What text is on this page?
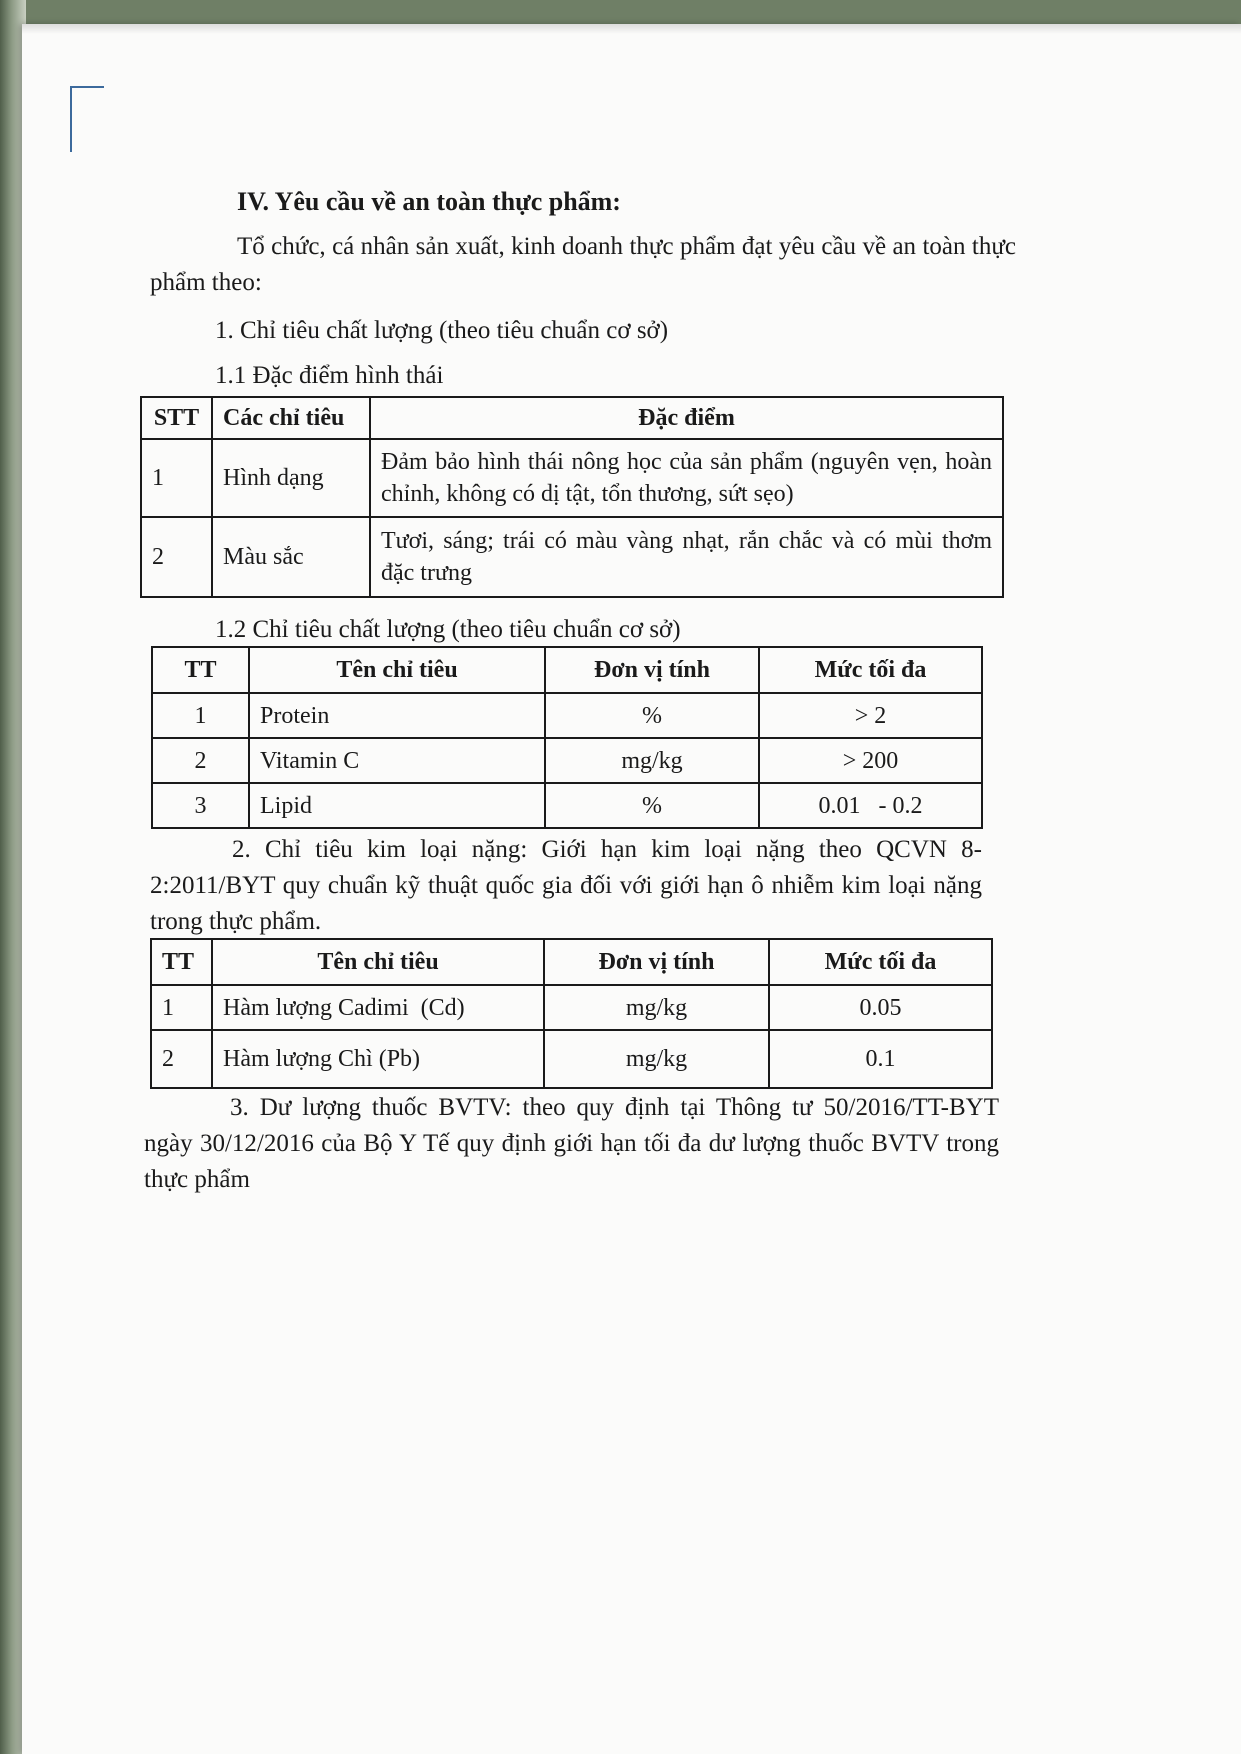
IV. Yêu cầu về an toàn thực phẩm:
Tổ chức, cá nhân sản xuất, kinh doanh thực phẩm đạt yêu cầu về an toàn thực phẩm theo:
1. Chỉ tiêu chất lượng (theo tiêu chuẩn cơ sở)
1.1 Đặc điểm hình thái
STT	Các chỉ tiêu	Đặc điểm
1	Hình dạng	Đảm bảo hình thái nông học của sản phẩm (nguyên vẹn, hoàn chỉnh, không có dị tật, tổn thương, sứt sẹo)
2	Màu sắc	Tươi, sáng; trái có màu vàng nhạt, rắn chắc và có mùi thơm đặc trưng
1.2 Chỉ tiêu chất lượng (theo tiêu chuẩn cơ sở)
TT	Tên chỉ tiêu	Đơn vị tính	Mức tối đa
1	Protein	%	> 2
2	Vitamin C	mg/kg	> 200
3	Lipid	%	0.01   - 0.2
2. Chỉ tiêu kim loại nặng: Giới hạn kim loại nặng theo QCVN 8-2:2011/BYT quy chuẩn kỹ thuật quốc gia đối với giới hạn ô nhiễm kim loại nặng trong thực phẩm.
TT	Tên chỉ tiêu	Đơn vị tính	Mức tối đa
1	Hàm lượng Cadimi  (Cd)	mg/kg	0.05
2	Hàm lượng Chì (Pb)	mg/kg	0.1
3. Dư lượng thuốc BVTV: theo quy định tại Thông tư 50/2016/TT-BYT ngày 30/12/2016 của Bộ Y Tế quy định giới hạn tối đa dư lượng thuốc BVTV trong thực phẩm
